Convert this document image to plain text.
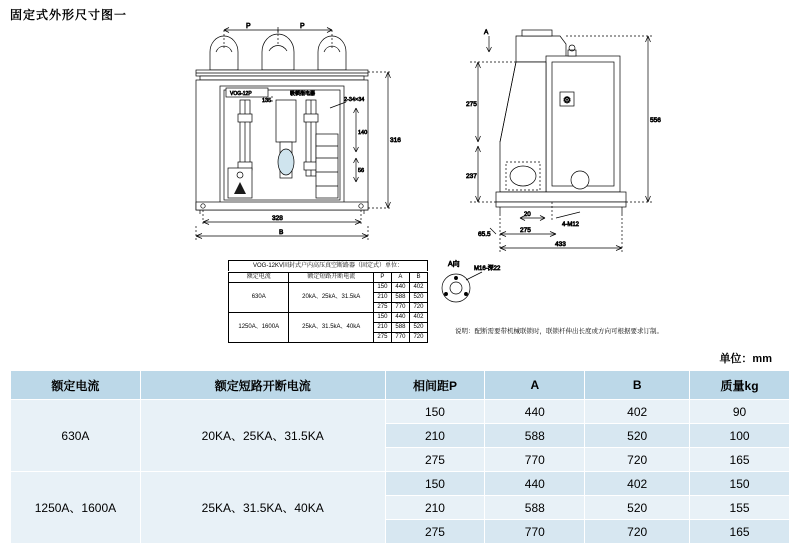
固定式外形尺寸图一
P	P
VOG-12P	吸锁指电器
135	2-34×34
140
56
316
328
B
A
⚙
275
237
556
20
4-M12
275
65.5
433
A向
M16-深22
VOG-12KV固封式户内高压真空断路器（固定式）单位：
额定电流	额定短路开断电流	P	A	B
630A	20kA、25kA、31.5kA	150	440	402
		210	588	520
		275	770	720
1250A、1600A	25kA、31.5kA、40kA	150	440	402
		210	588	520
		275	770	720
说明：配断需要带机械联锁时，联锁杆伸出长度或方向可根据要求订制。
单位：mm
额定电流	额定短路开断电流	相间距P	A	B	质量kg
630A	20KA、25KA、31.5KA	150	440	402	90
		210	588	520	100
		275	770	720	165
1250A、1600A	25KA、31.5KA、40KA	150	440	402	150
		210	588	520	155
		275	770	720	165
